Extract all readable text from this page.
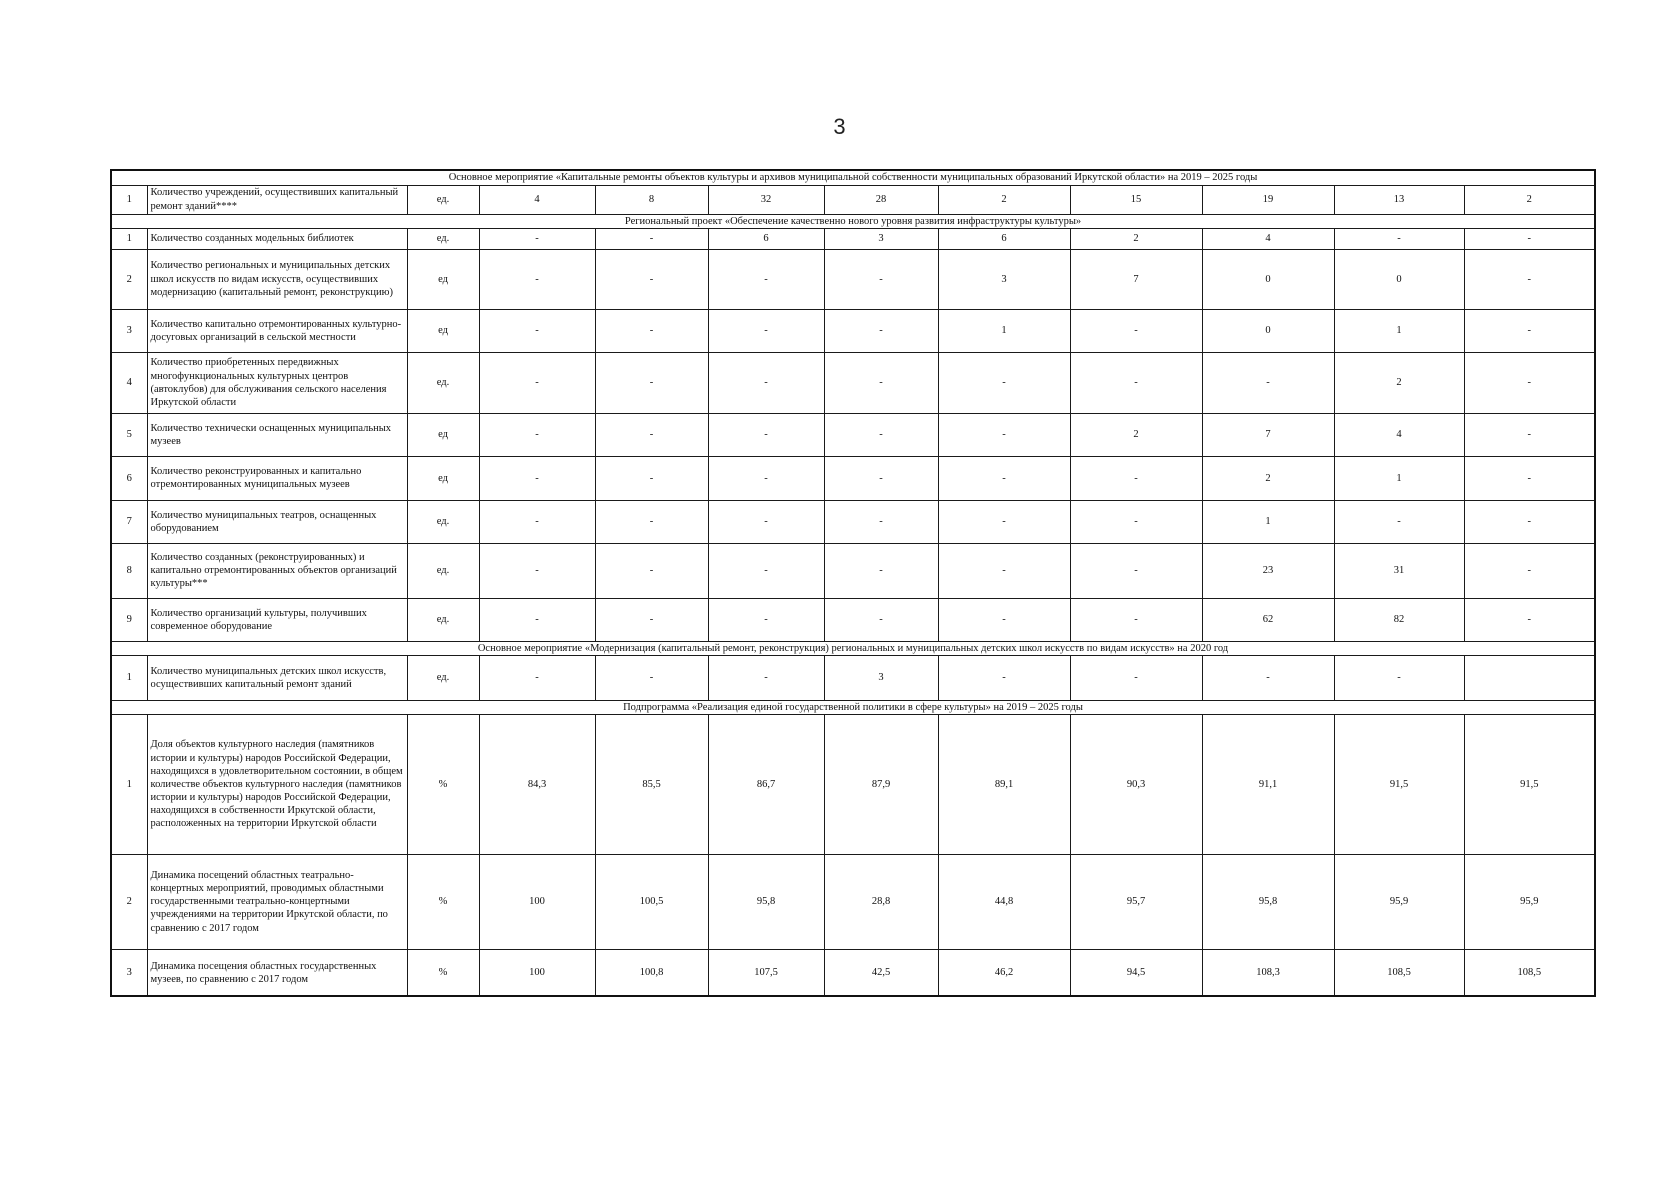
3
Основное мероприятие «Капитальные ремонты объектов культуры и архивов муниципальной собственности муниципальных образований Иркутской области» на 2019 – 2025 годы											
1	Количество учреждений, осуществивших капитальный ремонт зданий****	ед.	4	8	32	28	2	15	19	13	2
Региональный проект «Обеспечение качественно нового уровня развития инфраструктуры культуры»											
1	Количество созданных модельных библиотек	ед.	-	-	6	3	6	2	4	-	-
2	Количество региональных и муниципальных детских школ искусств по видам искусств, осуществивших модернизацию (капитальный ремонт, реконструкцию)	ед	-	-	-	-	3	7	0	0	-
3	Количество капитально отремонтированных культурно-досуговых организаций в сельской местности	ед	-	-	-	-	1	-	0	1	-
4	Количество приобретенных передвижных многофункциональных культурных центров (автоклубов) для обслуживания сельского населения Иркутской области	ед.	-	-	-	-	-	-	-	2	-
5	Количество технически оснащенных муниципальных музеев	ед	-	-	-	-	-	2	7	4	-
6	Количество реконструированных и капитально отремонтированных муниципальных музеев	ед	-	-	-	-	-	-	2	1	-
7	Количество муниципальных театров, оснащенных оборудованием	ед.	-	-	-	-	-	-	1	-	-
8	Количество созданных (реконструированных) и капитально отремонтированных объектов организаций культуры***	ед.	-	-	-	-	-	-	23	31	-
9	Количество организаций культуры, получивших современное оборудование	ед.	-	-	-	-	-	-	62	82	-
Основное мероприятие «Модернизация (капитальный ремонт, реконструкция) региональных и муниципальных детских школ искусств по видам искусств» на 2020 год											
1	Количество муниципальных детских школ искусств, осуществивших капитальный ремонт зданий	ед.	-	-	-	3	-	-	-	-	
Подпрограмма «Реализация единой государственной политики в сфере культуры» на 2019 – 2025 годы											
1	Доля объектов культурного наследия (памятников истории и культуры) народов Российской Федерации, находящихся в удовлетворительном состоянии, в общем количестве объектов культурного наследия (памятников истории и культуры) народов Российской Федерации, находящихся в собственности Иркутской области, расположенных на территории Иркутской области	%	84,3	85,5	86,7	87,9	89,1	90,3	91,1	91,5	91,5
2	Динамика посещений областных театрально-концертных мероприятий, проводимых областными государственными театрально-концертными учреждениями на территории Иркутской области, по сравнению с 2017 годом	%	100	100,5	95,8	28,8	44,8	95,7	95,8	95,9	95,9
3	Динамика посещения областных государственных музеев, по сравнению с 2017 годом	%	100	100,8	107,5	42,5	46,2	94,5	108,3	108,5	108,5
